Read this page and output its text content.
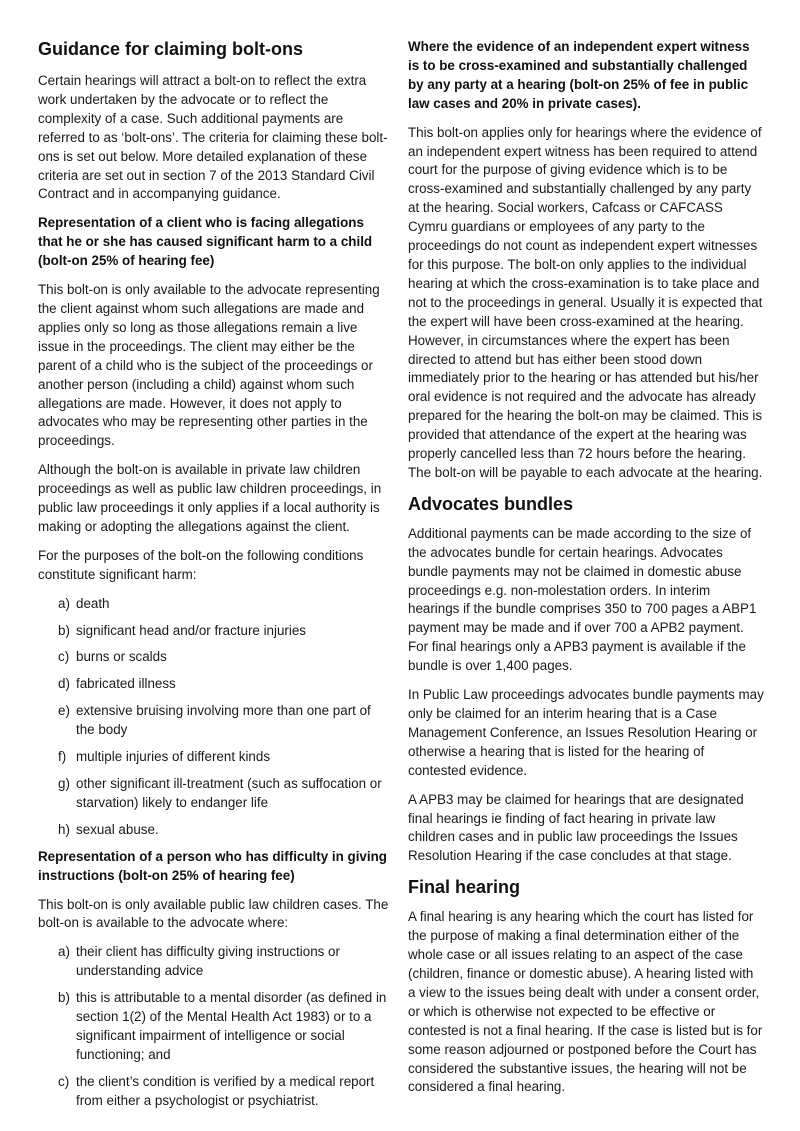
Guidance for claiming bolt-ons

Certain hearings will attract a bolt-on to reflect the extra work undertaken by the advocate or to reflect the complexity of a case. Such additional payments are referred to as ‘bolt-ons’. The criteria for claiming these bolt-ons is set out below. More detailed explanation of these criteria are set out in section 7 of the 2013 Standard Civil Contract and in accompanying guidance.

Representation of a client who is facing allegations that he or she has caused significant harm to a child (bolt-on 25% of hearing fee)

This bolt-on is only available to the advocate representing the client against whom such allegations are made and applies only so long as those allegations remain a live issue in the proceedings. The client may either be the parent of a child who is the subject of the proceedings or another person (including a child) against whom such allegations are made. However, it does not apply to advocates who may be representing other parties in the proceedings.

Although the bolt-on is available in private law children proceedings as well as public law children proceedings, in public law proceedings it only applies if a local authority is making or adopting the allegations against the client.

For the purposes of the bolt-on the following conditions constitute significant harm:

a) death
b) significant head and/or fracture injuries
c) burns or scalds
d) fabricated illness
e) extensive bruising involving more than one part of the body
f) multiple injuries of different kinds
g) other significant ill-treatment (such as suffocation or starvation) likely to endanger life
h) sexual abuse.

Representation of a person who has difficulty in giving instructions (bolt-on 25% of hearing fee)

This bolt-on is only available public law children cases. The bolt-on is available to the advocate where:

a) their client has difficulty giving instructions or understanding advice
b) this is attributable to a mental disorder (as defined in section 1(2) of the Mental Health Act 1983) or to a significant impairment of intelligence or social functioning; and
c) the client’s condition is verified by a medical report from either a psychologist or psychiatrist.

Where the evidence of an independent expert witness is to be cross-examined and substantially challenged by any party at a hearing (bolt-on 25% of fee in public law cases and 20% in private cases).

This bolt-on applies only for hearings where the evidence of an independent expert witness has been required to attend court for the purpose of giving evidence which is to be cross-examined and substantially challenged by any party at the hearing. Social workers, Cafcass or CAFCASS Cymru guardians or employees of any party to the proceedings do not count as independent expert witnesses for this purpose. The bolt-on only applies to the individual hearing at which the cross-examination is to take place and not to the proceedings in general. Usually it is expected that the expert will have been cross-examined at the hearing. However, in circumstances where the expert has been directed to attend but has either been stood down immediately prior to the hearing or has attended but his/her oral evidence is not required and the advocate has already prepared for the hearing the bolt-on may be claimed. This is provided that attendance of the expert at the hearing was properly cancelled less than 72 hours before the hearing. The bolt-on will be payable to each advocate at the hearing.

Advocates bundles

Additional payments can be made according to the size of the advocates bundle for certain hearings. Advocates bundle payments may not be claimed in domestic abuse proceedings e.g. non-molestation orders. In interim hearings if the bundle comprises 350 to 700 pages a ABP1 payment may be made and if over 700 a APB2 payment. For final hearings only a APB3 payment is available if the bundle is over 1,400 pages.

In Public Law proceedings advocates bundle payments may only be claimed for an interim hearing that is a Case Management Conference, an Issues Resolution Hearing or otherwise a hearing that is listed for the hearing of contested evidence.

A APB3 may be claimed for hearings that are designated final hearings ie finding of fact hearing in private law children cases and in public law proceedings the Issues Resolution Hearing if the case concludes at that stage.

Final hearing

A final hearing is any hearing which the court has listed for the purpose of making a final determination either of the whole case or all issues relating to an aspect of the case (children, finance or domestic abuse). A hearing listed with a view to the issues being dealt with under a consent order, or which is otherwise not expected to be effective or contested is not a final hearing. If the case is listed but is for some reason adjourned or postponed before the Court has considered the substantive issues, the hearing will not be considered a final hearing.
